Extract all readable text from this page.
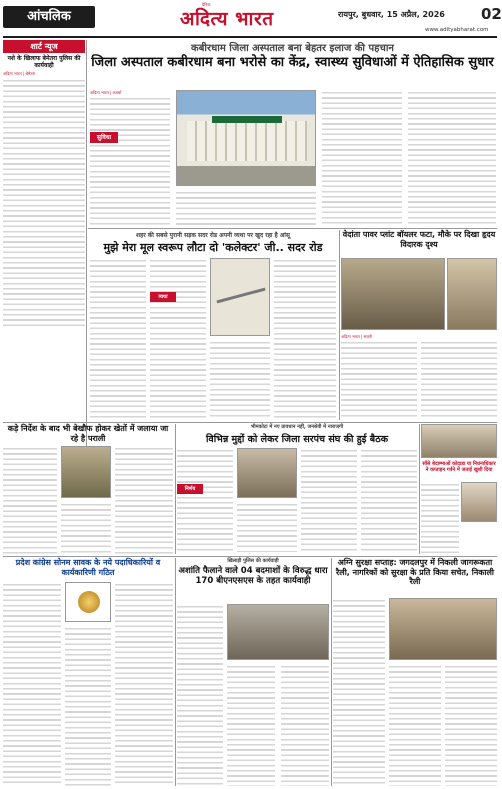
आंचलिक
दैनिक
अदित्य भारत	रायपुर, बुधवार, 15 अप्रैल, 2026	02
www.adityabharat.com
शार्ट न्यूज
नशे के खिलाफ बेमेतरा पुलिस की कार्यवाही
अदित्य भारत | बेमेतरा
कबीरधाम जिला अस्पताल बना बेहतर इलाज की पहचान
जिला अस्पताल कबीरधाम बना भरोसे का केंद्र, स्वास्थ्य सुविधाओं में ऐतिहासिक सुधार
अदित्य भारत | कवर्धा
सुविधा
शहर की सबसे पुरानी सड़क सदर रोड अपनी व्यथा पर खुद रहा है आंसू
मुझे मेरा मूल स्वरूप लौटा दो 'कलेक्टर' जी.. सदर रोड
व्यथा
वेदांता पावर प्लांट बॉयलर फटा, मौके पर दिखा हृदय विदारक दृश्य
अदित्य भारत | सक्ती
कड़े निर्देश के बाद भी बेखौफ होकर खेतों में जलाया जा रहे है पराली
भीमकोटा में नए प्रावधान नहीं, जनसेवी में नाराजगी
विभिन्न मुद्दों को लेकर जिला सरपंच संघ की हुई बैठक
निर्णय
साँसे बेदाम्भाओं कोदाडा या निधनाधिकार ने कप्ताहन गर्वने में जताई खुशी दिया
प्रदेश कांग्रेस सोनम सावक के नये पदाधिकारियों व कार्यकारिणी गठित
खिलाड़ी पुलिस की कार्यवाही
अशांति फैलाने वाले 04 बदमाशों के विरुद्ध धारा 170 बीएनएसएस के तहत कार्यवाही
अग्नि सुरक्षा सप्ताह: जगदलपुर में निकली जागरूकता रैली, नागरिकों को सुरक्षा के प्रति किया सचेत, निकाली रैली
